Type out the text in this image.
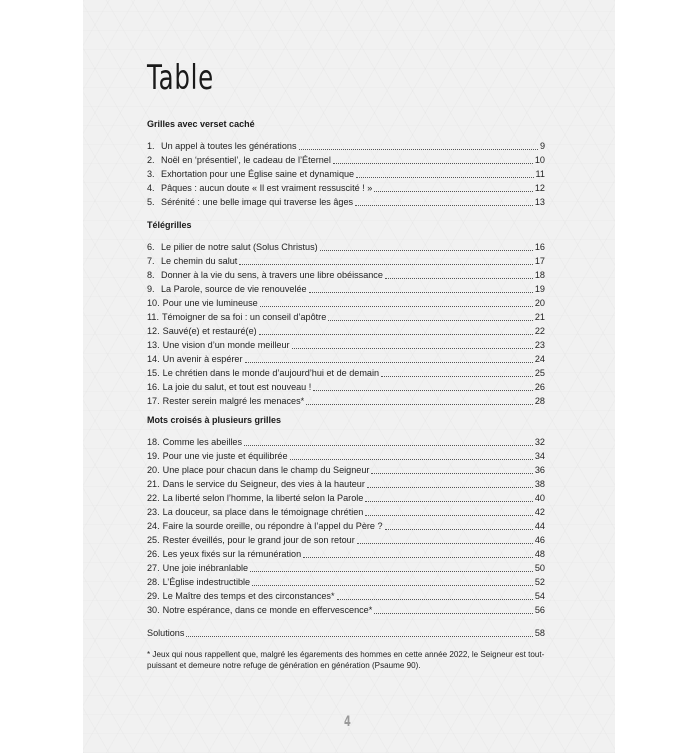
Table
Grilles avec verset caché
1. Un appel à toutes les générations	9
2. Noël en ‘présentiel’, le cadeau de l’Éternel	10
3. Exhortation pour une Église saine et dynamique	11
4. Pâques : aucun doute « Il est vraiment ressuscité ! »	12
5. Sérénité : une belle image qui traverse les âges	13
Télégrilles
6. Le pilier de notre salut (Solus Christus)	16
7. Le chemin du salut	17
8. Donner à la vie du sens, à travers une libre obéissance	18
9. La Parole, source de vie renouvelée	19
10. Pour une vie lumineuse	20
11. Témoigner de sa foi : un conseil d’apôtre	21
12. Sauvé(e) et restauré(e)	22
13. Une vision d’un monde meilleur	23
14. Un avenir à espérer	24
15. Le chrétien dans le monde d’aujourd’hui et de demain	25
16. La joie du salut, et tout est nouveau !	26
17. Rester serein malgré les menaces*	28
Mots croisés à plusieurs grilles
18. Comme les abeilles	32
19. Pour une vie juste et équilibrée	34
20. Une place pour chacun dans le champ du Seigneur	36
21. Dans le service du Seigneur, des vies à la hauteur	38
22. La liberté selon l’homme, la liberté selon la Parole	40
23. La douceur, sa place dans le témoignage chrétien	42
24. Faire la sourde oreille, ou répondre à l’appel du Père ?	44
25. Rester éveillés, pour le grand jour de son retour	46
26. Les yeux fixés sur la rémunération	48
27. Une joie inébranlable	50
28. L’Église indestructible	52
29. Le Maître des temps et des circonstances*	54
30. Notre espérance, dans ce monde en effervescence*	56
Solutions	58

* Jeux qui nous rappellent que, malgré les égarements des hommes en cette année 2022, le Seigneur est tout-puissant et demeure notre refuge de génération en génération (Psaume 90).

4
